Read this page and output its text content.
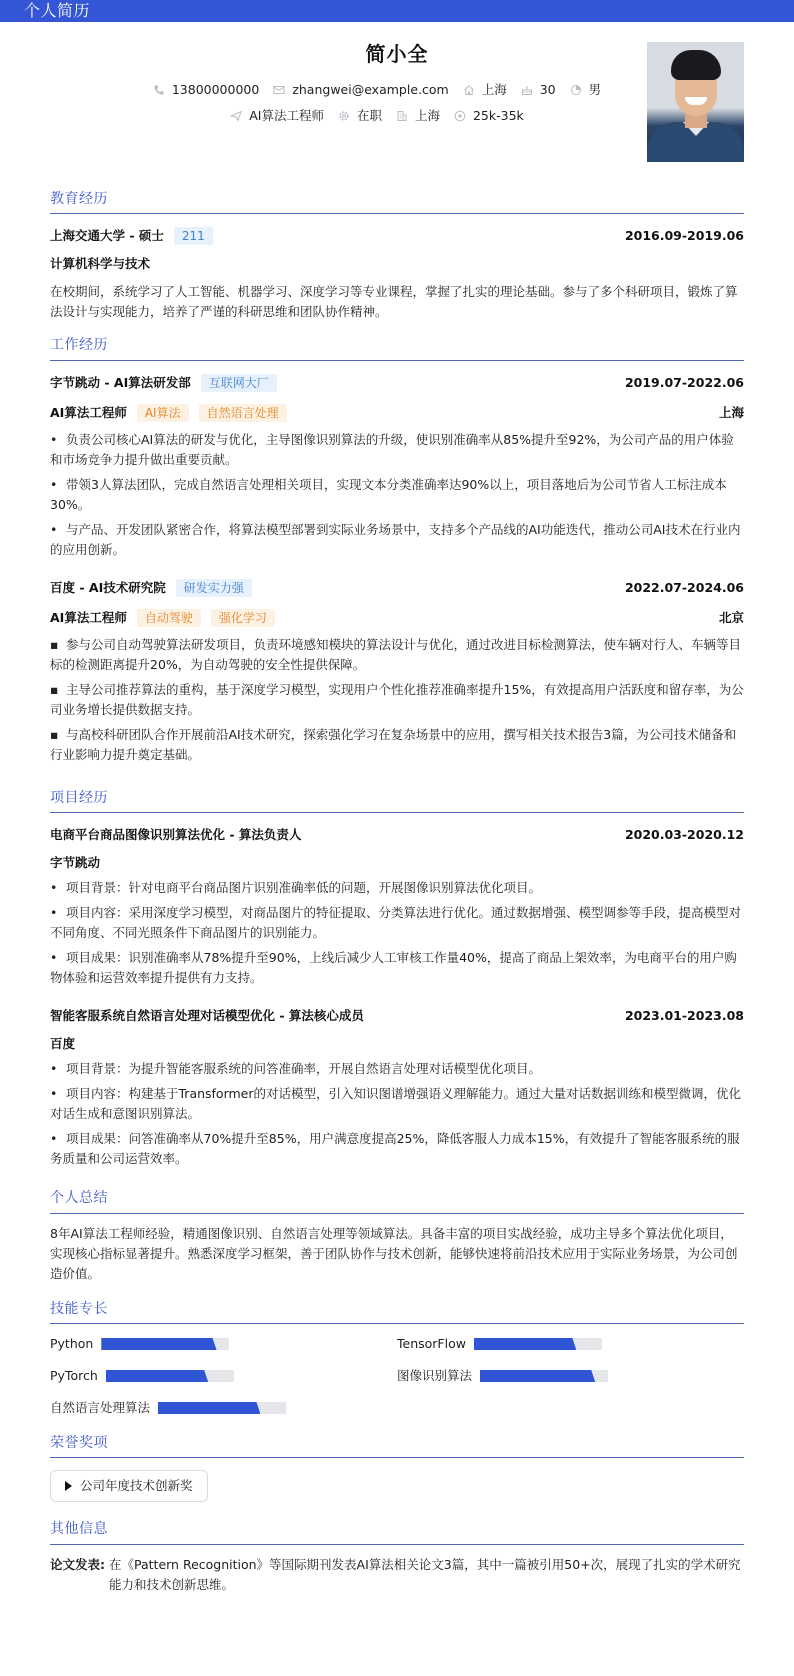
个人简历
简小全
13800000000	zhangwei@example.com	上海	30	男
AI算法工程师	在职	上海	25k-35k
教育经历
上海交通大学 - 硕士	211	2016.09-2019.06
计算机科学与技术
在校期间，系统学习了人工智能、机器学习、深度学习等专业课程，掌握了扎实的理论基础。参与了多个科研项目，锻炼了算法设计与实现能力，培养了严谨的科研思维和团队协作精神。
工作经历
字节跳动 - AI算法研发部	互联网大厂	2019.07-2022.06
AI算法工程师	AI算法	自然语言处理	上海
•负责公司核心AI算法的研发与优化，主导图像识别算法的升级，使识别准确率从85%提升至92%，为公司产品的用户体验和市场竞争力提升做出重要贡献。
•带领3人算法团队，完成自然语言处理相关项目，实现文本分类准确率达90%以上，项目落地后为公司节省人工标注成本30%。
•与产品、开发团队紧密合作，将算法模型部署到实际业务场景中，支持多个产品线的AI功能迭代，推动公司AI技术在行业内的应用创新。
百度 - AI技术研究院	研发实力强	2022.07-2024.06
AI算法工程师	自动驾驶	强化学习	北京
▪参与公司自动驾驶算法研发项目，负责环境感知模块的算法设计与优化，通过改进目标检测算法，使车辆对行人、车辆等目标的检测距离提升20%，为自动驾驶的安全性提供保障。
▪主导公司推荐算法的重构，基于深度学习模型，实现用户个性化推荐准确率提升15%，有效提高用户活跃度和留存率，为公司业务增长提供数据支持。
▪与高校科研团队合作开展前沿AI技术研究，探索强化学习在复杂场景中的应用，撰写相关技术报告3篇，为公司技术储备和行业影响力提升奠定基础。
项目经历
电商平台商品图像识别算法优化 - 算法负责人	2020.03-2020.12
字节跳动
•项目背景：针对电商平台商品图片识别准确率低的问题，开展图像识别算法优化项目。
•项目内容：采用深度学习模型，对商品图片的特征提取、分类算法进行优化。通过数据增强、模型调参等手段，提高模型对不同角度、不同光照条件下商品图片的识别能力。
•项目成果：识别准确率从78%提升至90%，上线后减少人工审核工作量40%，提高了商品上架效率，为电商平台的用户购物体验和运营效率提升提供有力支持。
智能客服系统自然语言处理对话模型优化 - 算法核心成员	2023.01-2023.08
百度
•项目背景：为提升智能客服系统的问答准确率，开展自然语言处理对话模型优化项目。
•项目内容：构建基于Transformer的对话模型，引入知识图谱增强语义理解能力。通过大量对话数据训练和模型微调，优化对话生成和意图识别算法。
•项目成果：问答准确率从70%提升至85%，用户满意度提高25%，降低客服人力成本15%，有效提升了智能客服系统的服务质量和公司运营效率。
个人总结
8年AI算法工程师经验，精通图像识别、自然语言处理等领域算法。具备丰富的项目实战经验，成功主导多个算法优化项目，实现核心指标显著提升。熟悉深度学习框架，善于团队协作与技术创新，能够快速将前沿技术应用于实际业务场景，为公司创造价值。
技能专长
Python	TensorFlow
PyTorch	图像识别算法
自然语言处理算法
荣誉奖项
公司年度技术创新奖
其他信息
论文发表: 在《Pattern Recognition》等国际期刊发表AI算法相关论文3篇，其中一篇被引用50+次，展现了扎实的学术研究能力和技术创新思维。
